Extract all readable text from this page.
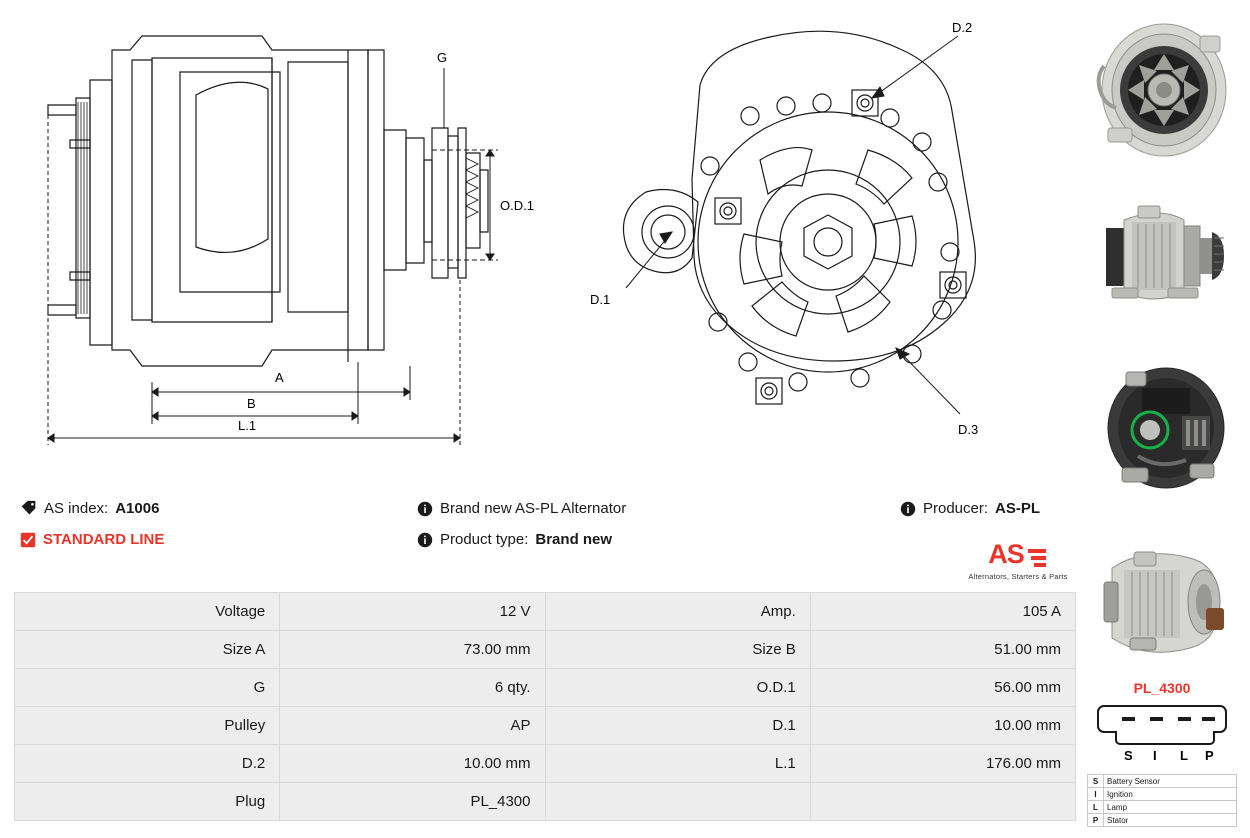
G
O.D.1
A
B
L.1
D.2
D.1
D.3
AS index: A1006
STANDARD LINE
Brand new AS-PL Alternator
Product type: Brand new
Producer: AS-PL
AS
Alternators, Starters & Parts
Voltage	12 V	Amp.	105 A
Size A	73.00 mm	Size B	51.00 mm
G	6 qty.	O.D.1	56.00 mm
Pulley	AP	D.1	10.00 mm
D.2	10.00 mm	L.1	176.00 mm
Plug	PL_4300		
PL_4300
S I L P
S	Battery Sensor
I	Ignition
L	Lamp
P	Stator
